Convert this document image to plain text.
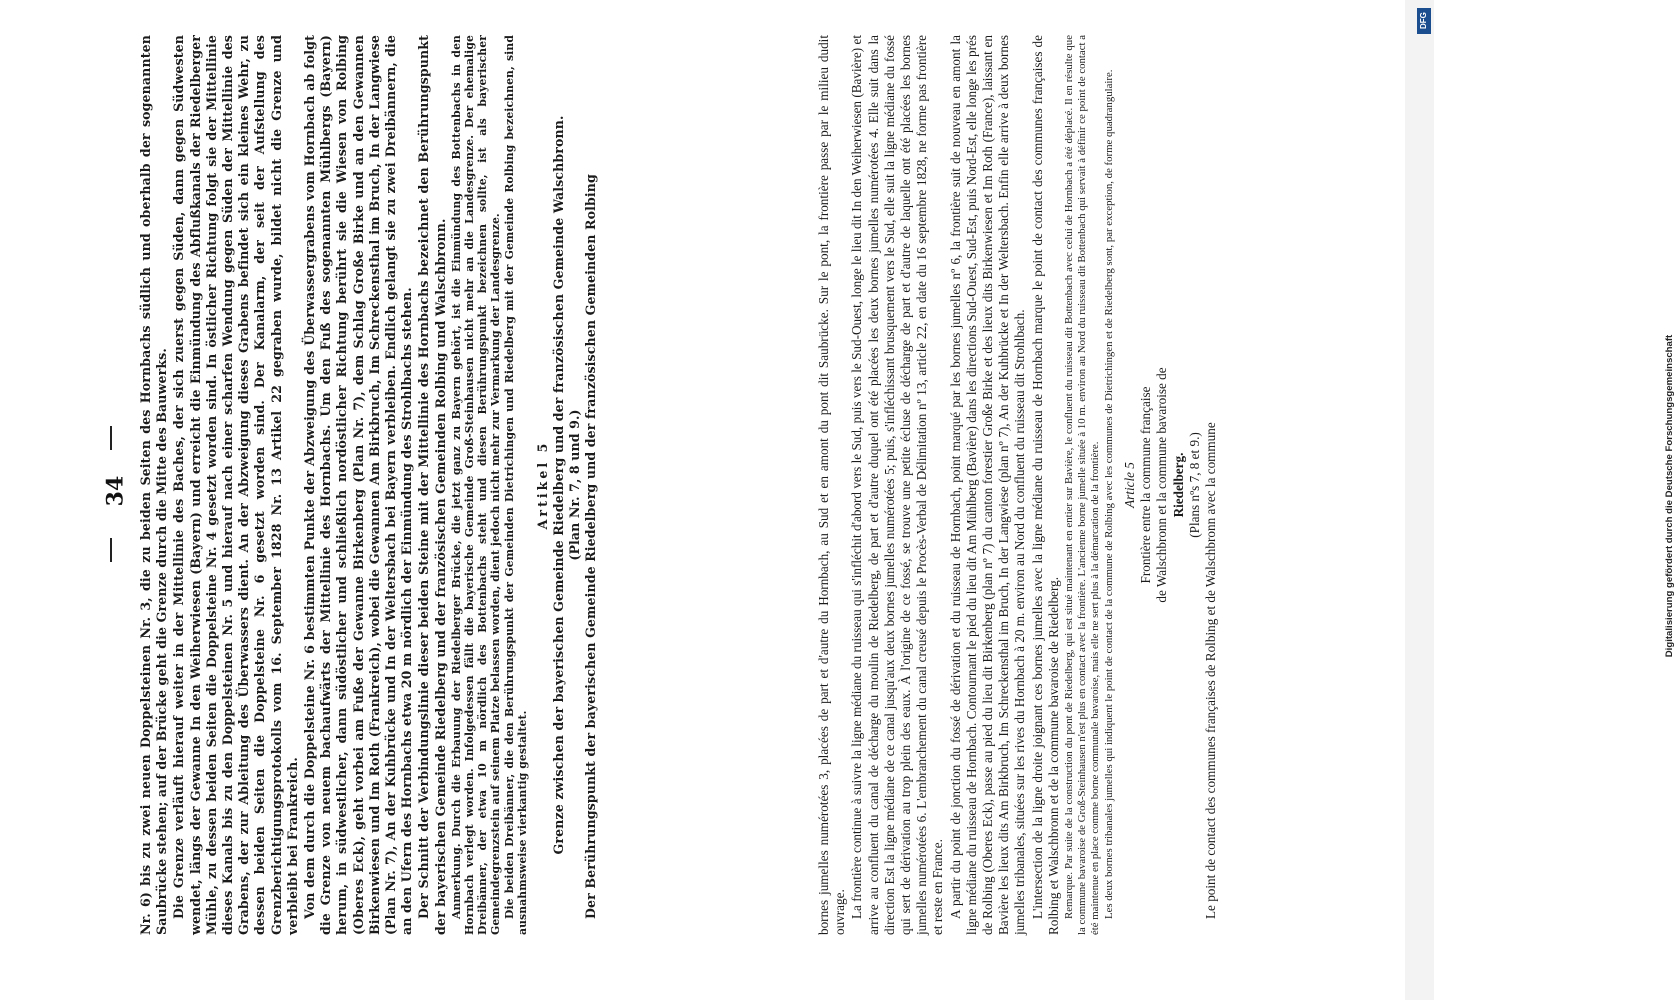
Nr. 6) bis zu zwei neuen Doppelsteinen Nr. 3, die zu beiden Seiten des Hornbachs südlich und oberhalb der sogenannten Saubrücke stehen; auf der Brücke geht die Grenze durch die Mitte des Bauwerks. Die Grenze verläuft hierauf weiter in der Mittellinie des Baches, der sich zuerst gegen Süden, dann gegen Südwesten wendet, längs der Gewanne In den Weiherwiesen (Bayern) und erreicht die Einmündung des Abflußkanals der Riedelberger Mühle, zu dessen beiden Seiten die Doppelsteine Nr. 4 gesetzt worden sind. In östlicher Richtung folgt sie der Mittellinie dieses Kanals bis zu den Doppelsteinen Nr. 5 und hierauf nach einer scharfen Wendung gegen Süden der Mittellinie des Grabens, der zur Ableitung des Überwassers dient. An der Abzweigung dieses Grabens befindet sich ein kleines Wehr, zu dessen beiden Seiten die Doppelsteine Nr. 6 gesetzt worden sind. Der Kanalarm, der seit der Aufstellung des Grenzberichtigungsprotokolls vom 16. September 1828 Nr. 13 Artikel 22 gegraben wurde, bildet nicht die Grenze und verbleibt bei Frankreich. Von dem durch die Doppelsteine Nr. 6 bestimmten Punkte der Abzweigung des Überwassergrabens vom Hornbach ab folgt die Grenze von neuem bachaufwärts der Mittellinie des Hornbachs. Um den Fuß des sogenannten Mühlbergs (Bayern) herum, in südwestlicher, dann südöstlicher und schließlich nordöstlicher Richtung berührt sie die Wiesen von Rolbing (Oberes Eck), geht vorbei am Fuße der Gewanne Birkenberg (Plan Nr. 7), dem Schlag Große Birke und an den Gewannen Birkenwiesen und Im Roth (Frankreich), wobei die Gewannen Am Birkbruch, Im Schreckensthal im Bruch, In der Langwiese (Plan Nr. 7), An der Kuhbrücke und In der Weltersbach bei Bayern verbleiben. Endlich gelangt sie zu zwei Dreibännern, die an den Ufern des Hornbachs etwa 20 m nördlich der Einmündung des Strohlbachs stehen. Der Schnitt der Verbindungslinie dieser beiden Steine mit der Mittellinie des Hornbachs bezeichnet den Berührungspunkt der bayerischen Gemeinde Riedelberg und der französischen Gemeinden Rolbing und Walschbronn. Anmerkung. Durch die Erbauung der Riedelberger Brücke, die jetzt ganz zu Bayern gehört, ist die Einmündung des Bottenbachs in den Hornbach verlegt worden. Infolgedessen fällt die bayerische Gemeinde Groß-Steinhausen nicht mehr an die Landesgrenze. Der ehemalige Dreibänner, der etwa 10 m nördlich des Bottenbachs steht und diesen Berührungspunkt bezeichnen sollte, ist als bayerischer Gemeindegrenzstein auf seinem Platze belassen worden, dient jedoch nicht mehr zur Vermarkung der Landesgrenze. Die beiden Dreibänner, die den Berührungspunkt der Gemeinden Dietrichingen und Riedelberg mit der Gemeinde Rolbing bezeichnen, sind ausnahmsweise vierkantig gestaltet.

Artikel 5 Grenze zwischen der bayerischen Gemeinde Riedelberg und der französischen Gemeinde Walschbronn. (Plan Nr. 7, 8 und 9.) Der Berührungspunkt der bayerischen Gemeinde Riedelberg und der französischen Gemeinden Rolbing	bornes jumelles numérotées 3, placées de part et d'autre du Hornbach, au Sud et en amont du pont dit Saubrücke. Sur le pont, la frontière passe par le milieu dudit ouvrage. La frontière continue à suivre la ligne médiane du ruisseau qui s'infléchit d'abord vers le Sud, puis vers le Sud-Ouest, longe le lieu dit In den Weiherwiesen (Bavière) et arrive au confluent du canal de décharge du moulin de Riedelberg, de part et d'autre duquel ont été placées les deux bornes jumelles numérotées 4. Elle suit dans la direction Est la ligne médiane de ce canal jusqu'aux deux bornes jumelles numérotées 5; puis, s'infléchissant brusquement vers le Sud, elle suit la ligne médiane du fossé qui sert de dérivation au trop plein des eaux. À l'origine de ce fossé, se trouve une petite écluse de décharge de part et d'autre de laquelle ont été placées les bornes jumelles numérotées 6. L'embranchement du canal creusé depuis le Procès-Verbal de Délimitation nº 13, article 22, en date du 16 septembre 1828, ne forme pas frontière et reste en France. A partir du point de jonction du fossé de dérivation et du ruisseau de Hornbach, point marqué par les bornes jumelles nº 6, la frontière suit de nouveau en amont la ligne médiane du ruisseau de Hornbach. Contournant le pied du lieu dit Am Mühlberg (Bavière) dans les directions Sud-Ouest, Sud-Est, puis Nord-Est, elle longe les prés de Rolbing (Oberes Eck), passe au pied du lieu dit Birkenberg (plan nº 7) du canton forestier Große Birke et des lieux dits Birkenwiesen et Im Roth (France), laissant en Bavière les lieux dits Am Birkbruch, Im Schreckensthal im Bruch, In der Langwiese (plan nº 7), An der Kuhbrücke et In der Weltersbach. Enfin elle arrive à deux bornes jumelles tribanales, situées sur les rives du Hornbach à 20 m. environ au Nord du confluent du ruisseau dit Strohlbach. L'intersection de la ligne droite joignant ces bornes jumelles avec la ligne médiane du ruisseau de Hornbach marque le point de contact des communes françaises de Rolbing et Walschbronn et de la commune bavaroise de Riedelberg. Remarque. Par suite de la construction du pont de Riedelberg, qui est situé maintenant en entier sur Bavière, le confluent du ruisseau dit Bottenbach avec celui de Hornbach a été déplacé. Il en résulte que la commune bavaroise de Groß-Steinhausen n'est plus en contact avec la frontière. L'ancienne borne jumelle située à 10 m. environ au Nord du ruisseau dit Bottenbach qui servait à définir ce point de contact a été maintenue en place comme borne communale bavaroise, mais elle ne sert plus à la démarcation de la frontière. Les deux bornes tribanales jumelles qui indiquent le point de contact de la commune de Rolbing avec les communes de Dietrichingen et de Riedelberg sont, par exception, de forme quadrangulaire. Article 5 Frontière entre la commune française de Walschbronn et la commune bavaroise de Riedelberg. (Plans nºs 7, 8 et 9.) Le point de contact des communes françaises de Rolbing et de Walschbronn avec la commune

34	Digitalisierung gefördert durch die Deutsche Forschungsgemeinschaft
DFG
